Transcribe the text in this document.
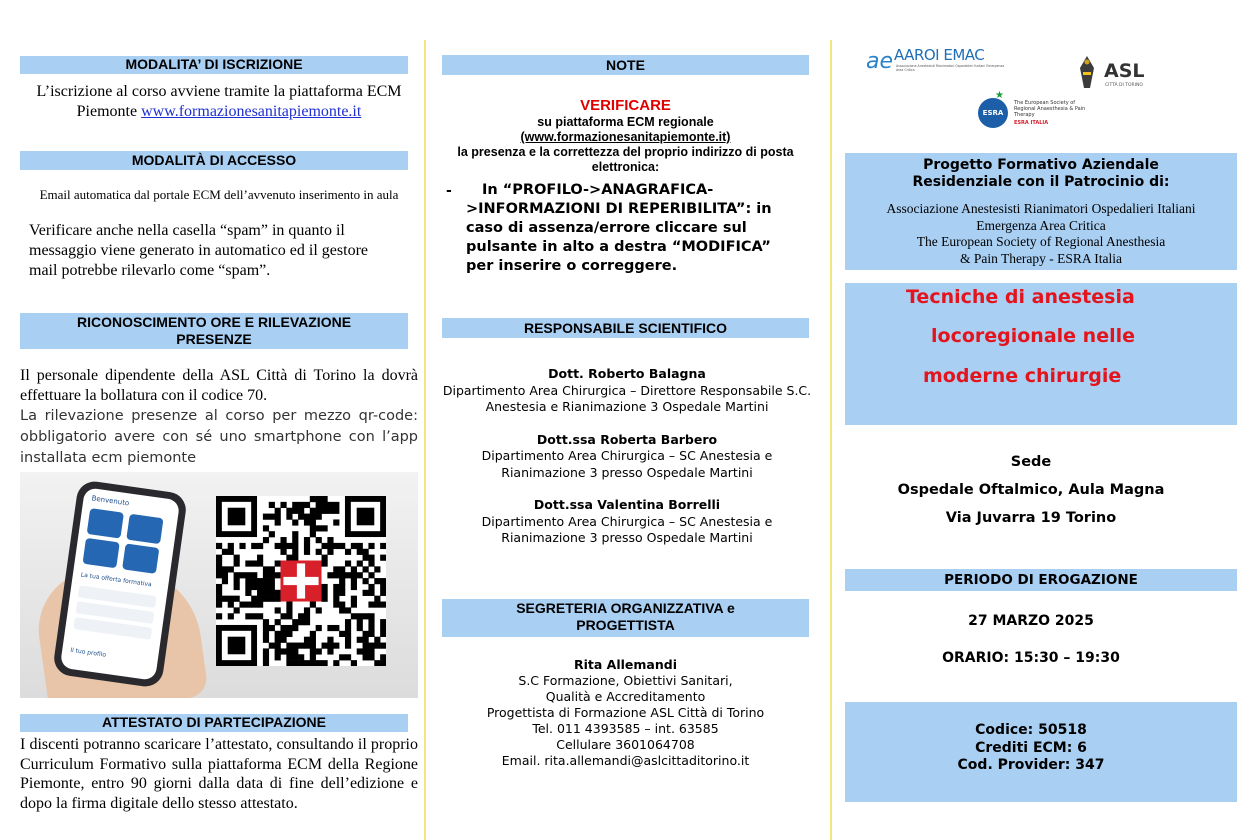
MODALITA’ DI ISCRIZIONE
L’iscrizione al corso avviene tramite la piattaforma ECM Piemonte www.formazionesanitapiemonte.it
MODALITÀ DI ACCESSO
Email automatica dal portale ECM dell’avvenuto inserimento in aula
Verificare anche nella casella “spam” in quanto il messaggio viene generato in automatico ed il gestore mail potrebbe rilevarlo come “spam”.
RICONOSCIMENTO ORE E RILEVAZIONE PRESENZE
Il personale dipendente della ASL Città di Torino la dovrà effettuare la bollatura con il codice 70.
La rilevazione presenze al corso per mezzo qr-code: obbligatorio avere con sé uno smartphone con l’app installata ecm piemonte
Benvenuto
La tua offerta formativa
Il tuo profilo
ATTESTATO DI PARTECIPAZIONE
I discenti potranno scaricare l’attestato, consultando il proprio Curriculum Formativo sulla piattaforma ECM della Regione Piemonte, entro 90 giorni dalla data di fine dell’edizione e dopo la firma digitale dello stesso attestato.
NOTE
VERIFICARE
su piattaforma ECM regionale
(www.formazionesanitapiemonte.it)
la presenza e la correttezza del proprio indirizzo di posta elettronica:
-	In “PROFILO->ANAGRAFICA->INFORMAZIONI DI REPERIBILITA”: in caso di assenza/errore cliccare sul pulsante in alto a destra “MODIFICA” per inserire o correggere.
RESPONSABILE SCIENTIFICO
Dott. Roberto Balagna
Dipartimento Area Chirurgica – Direttore Responsabile S.C. Anestesia e Rianimazione 3 Ospedale Martini
Dott.ssa Roberta Barbero
Dipartimento Area Chirurgica – SC Anestesia e Rianimazione 3 presso Ospedale Martini
Dott.ssa Valentina Borrelli
Dipartimento Area Chirurgica – SC Anestesia e Rianimazione 3 presso Ospedale Martini
SEGRETERIA ORGANIZZATIVA e PROGETTISTA
Rita Allemandi
S.C Formazione, Obiettivi Sanitari,
Qualità e Accreditamento
Progettista di Formazione ASL Città di Torino
Tel. 011 4393585 – int. 63585
Cellulare 3601064708
Email. rita.allemandi@aslcittaditorino.it
ae AAROI EMAC
Associazione Anestesisti Rianimatori Ospedalieri Italiani Emergenza Area Critica	ASL
CITTÀ DI TORINO
ESRA
★
The European Society of Regional Anaesthesia & Pain Therapy
ESRA ITALIA
Progetto Formativo Aziendale Residenziale con il Patrocinio di:
Associazione Anestesisti Rianimatori Ospedalieri Italiani
Emergenza Area Critica
The European Society of Regional Anesthesia
& Pain Therapy - ESRA Italia
Tecniche di anestesia
locoregionale nelle
moderne chirurgie
Sede
Ospedale Oftalmico, Aula Magna
Via Juvarra 19 Torino
PERIODO DI EROGAZIONE
27 MARZO 2025
ORARIO: 15:30 – 19:30
Codice: 50518
Crediti ECM: 6
Cod. Provider: 347
